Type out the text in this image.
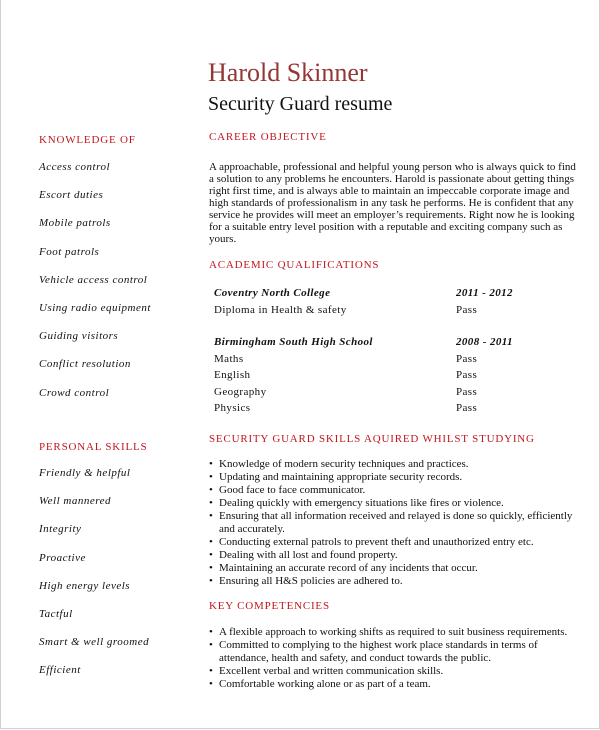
Harold Skinner
Security Guard resume
KNOWLEDGE OF
Access control
Escort duties
Mobile patrols
Foot patrols
Vehicle access control
Using radio equipment
Guiding visitors
Conflict resolution
Crowd control
PERSONAL SKILLS
Friendly & helpful
Well mannered
Integrity
Proactive
High energy levels
Tactful
Smart & well groomed
Efficient
CAREER OBJECTIVE
A approachable, professional and helpful young person who is always quick to find a solution to any problems he encounters. Harold is passionate about getting things right first time, and is always able to maintain an impeccable corporate image and high standards of professionalism in any task he performs. He is confident that any service he provides will meet an employer’s requirements. Right now he is looking for a suitable entry level position with a reputable and exciting company such as yours.
ACADEMIC QUALIFICATIONS
Coventry North College	2011 - 2012
Diploma in Health & safety	Pass
Birmingham South High School	2008 - 2011
Maths	Pass
English	Pass
Geography	Pass
Physics	Pass
SECURITY GUARD SKILLS AQUIRED WHILST STUDYING
• Knowledge of modern security techniques and practices.
• Updating and maintaining appropriate security records.
• Good face to face communicator.
• Dealing quickly with emergency situations like fires or violence.
• Ensuring that all information received and relayed is done so quickly, efficiently and accurately.
• Conducting external patrols to prevent theft and unauthorized entry etc.
• Dealing with all lost and found property.
• Maintaining an accurate record of any incidents that occur.
• Ensuring all H&S policies are adhered to.
KEY COMPETENCIES
• A flexible approach to working shifts as required to suit business requirements.
• Committed to complying to the highest work place standards in terms of attendance, health and safety, and conduct towards the public.
• Excellent verbal and written communication skills.
• Comfortable working alone or as part of a team.
